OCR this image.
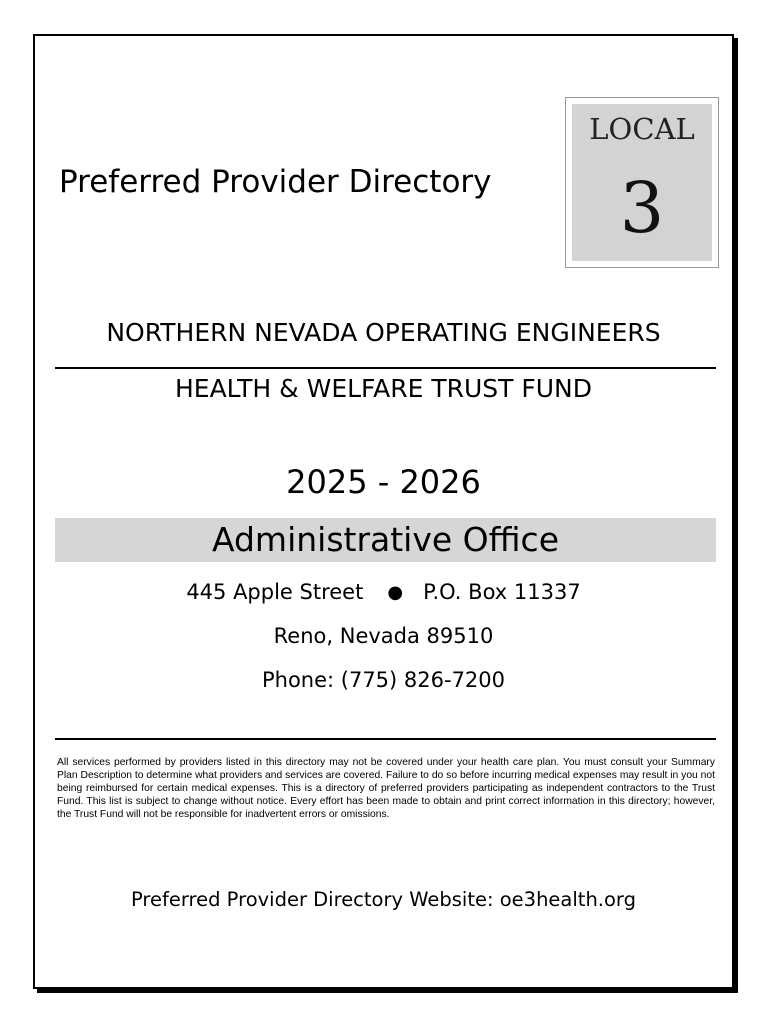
Preferred Provider Directory
LOCAL
3
NORTHERN NEVADA OPERATING ENGINEERS
HEALTH & WELFARE TRUST FUND
2025 - 2026
Administrative Office
445 Apple Street ● P.O. Box 11337
Reno, Nevada 89510
Phone: (775) 826-7200
All services performed by providers listed in this directory may not be covered under your health care plan. You must consult your Summary Plan Description to determine what providers and services are covered. Failure to do so before incurring medical expenses may result in you not being reimbursed for certain medical expenses. This is a directory of preferred providers participating as independent contractors to the Trust Fund. This list is subject to change without notice. Every effort has been made to obtain and print correct information in this directory; however, the Trust Fund will not be responsible for inadvertent errors or omissions.
Preferred Provider Directory Website: oe3health.org
